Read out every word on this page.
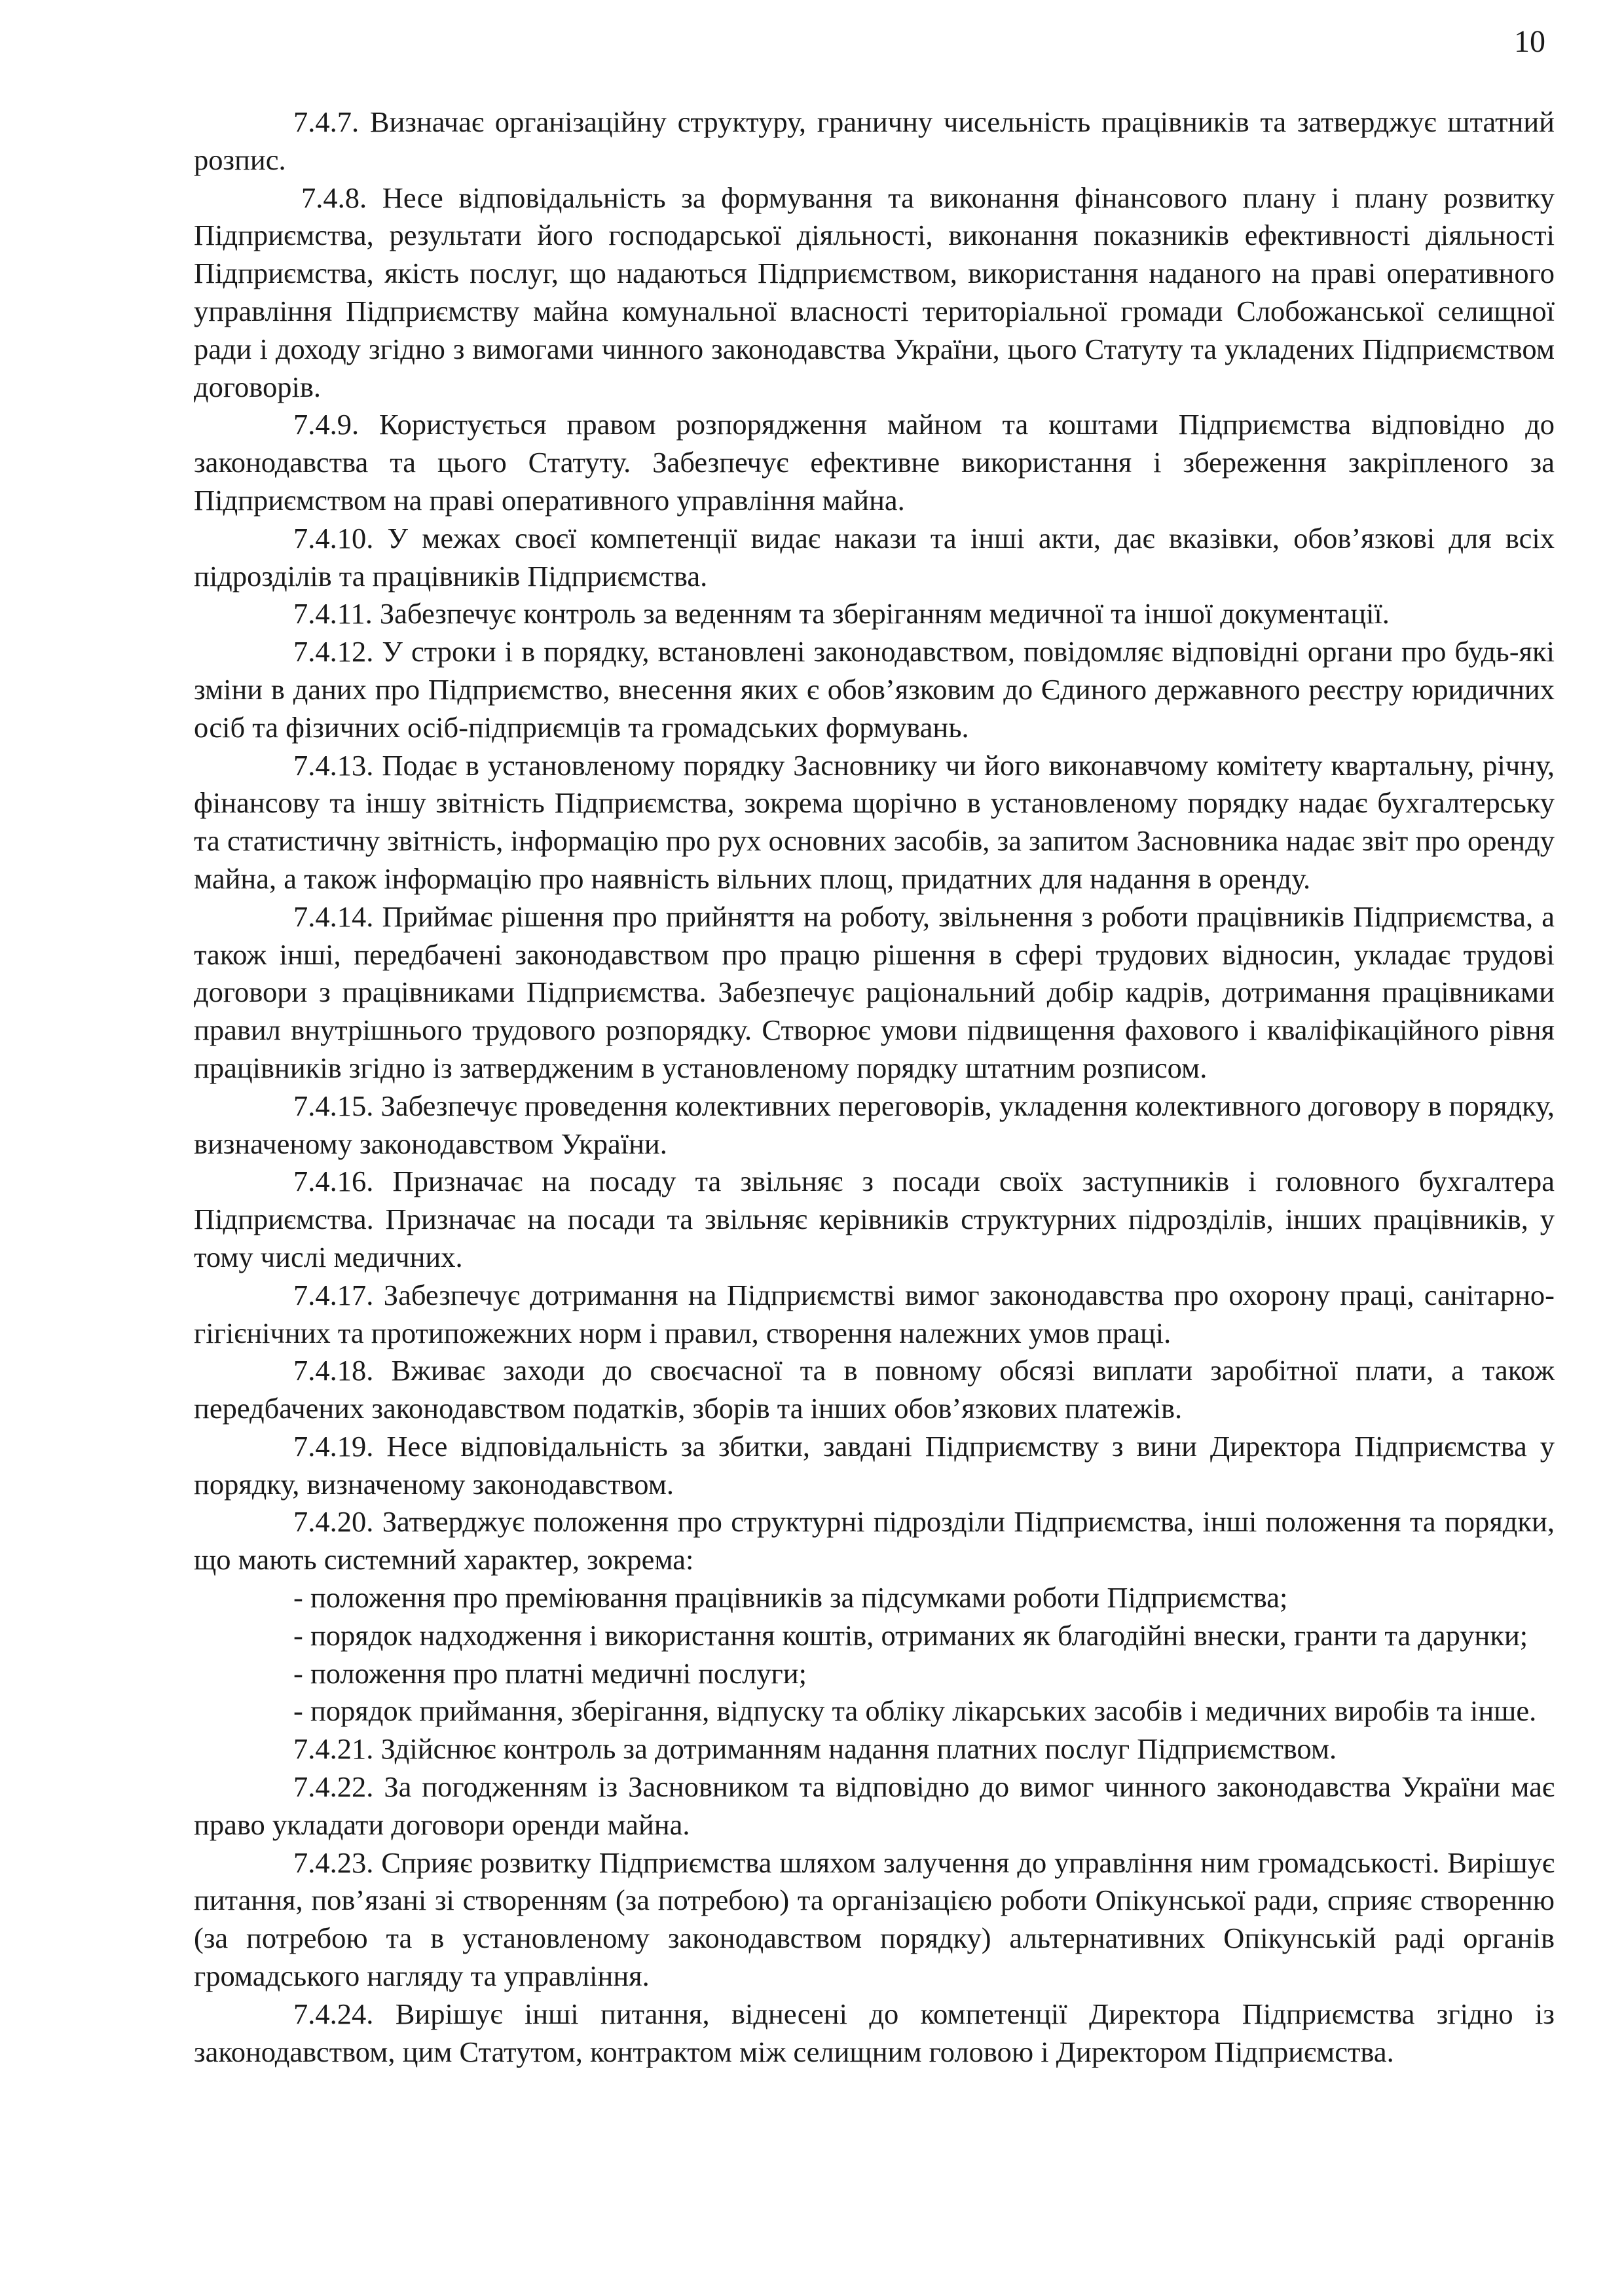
10

7.4.7. Визначає організаційну структуру, граничну чисельність працівників та затверджує штатний розпис.

7.4.8. Несе відповідальність за формування та виконання фінансового плану і плану розвитку Підприємства, результати його господарської діяльності, виконання показників ефективності діяльності Підприємства, якість послуг, що надаються Підприємством, використання наданого на праві оперативного управління Підприємству майна комунальної власності територіальної громади Слобожанської селищної ради і доходу згідно з вимогами чинного законодавства України, цього Статуту та укладених Підприємством договорів.

7.4.9. Користується правом розпорядження майном та коштами Підприємства відповідно до законодавства та цього Статуту. Забезпечує ефективне використання і збереження закріпленого за Підприємством на праві оперативного управління майна.

7.4.10. У межах своєї компетенції видає накази та інші акти, дає вказівки, обов’язкові для всіх підрозділів та працівників Підприємства.

7.4.11. Забезпечує контроль за веденням та зберіганням медичної та іншої документації.

7.4.12. У строки і в порядку, встановлені законодавством, повідомляє відповідні органи про будь-які зміни в даних про Підприємство, внесення яких є обов’язковим до Єдиного державного реєстру юридичних осіб та фізичних осіб-підприємців та громадських формувань.

7.4.13. Подає в установленому порядку Засновнику чи його виконавчому комітету квартальну, річну, фінансову та іншу звітність Підприємства, зокрема щорічно в установленому порядку надає бухгалтерську та статистичну звітність, інформацію про рух основних засобів, за запитом Засновника надає звіт про оренду майна, а також інформацію про наявність вільних площ, придатних для надання в оренду.

7.4.14. Приймає рішення про прийняття на роботу, звільнення з роботи працівників Підприємства, а також інші, передбачені законодавством про працю рішення в сфері трудових відносин, укладає трудові договори з працівниками Підприємства. Забезпечує раціональний добір кадрів, дотримання працівниками правил внутрішнього трудового розпорядку. Створює умови підвищення фахового і кваліфікаційного рівня працівників згідно із затвердженим в установленому порядку штатним розписом.

7.4.15. Забезпечує проведення колективних переговорів, укладення колективного договору в порядку, визначеному законодавством України.

7.4.16. Призначає на посаду та звільняє з посади своїх заступників і головного бухгалтера Підприємства. Призначає на посади та звільняє керівників структурних підрозділів, інших працівників, у тому числі медичних.

7.4.17. Забезпечує дотримання на Підприємстві вимог законодавства про охорону праці, санітарно-гігієнічних та протипожежних норм і правил, створення належних умов праці.

7.4.18. Вживає заходи до своєчасної та в повному обсязі виплати заробітної плати, а також передбачених законодавством податків, зборів та інших обов’язкових платежів.

7.4.19. Несе відповідальність за збитки, завдані Підприємству з вини Директора Підприємства у порядку, визначеному законодавством.

7.4.20. Затверджує положення про структурні підрозділи Підприємства, інші положення та порядки, що мають системний характер, зокрема:

- положення про преміювання працівників за підсумками роботи Підприємства;

- порядок надходження і використання коштів, отриманих як благодійні внески, гранти та дарунки;

- положення про платні медичні послуги;

- порядок приймання, зберігання, відпуску та обліку лікарських засобів і медичних виробів та інше.

7.4.21. Здійснює контроль за дотриманням надання платних послуг Підприємством.

7.4.22. За погодженням із Засновником та відповідно до вимог чинного законодавства України має право укладати договори оренди майна.

7.4.23. Сприяє розвитку Підприємства шляхом залучення до управління ним громадськості. Вирішує питання, пов’язані зі створенням (за потребою) та організацією роботи Опікунської ради, сприяє створенню (за потребою та в установленому законодавством порядку) альтернативних Опікунській раді органів громадського нагляду та управління.

7.4.24. Вирішує інші питання, віднесені до компетенції Директора Підприємства згідно із законодавством, цим Статутом, контрактом між селищним головою і Директором Підприємства.
